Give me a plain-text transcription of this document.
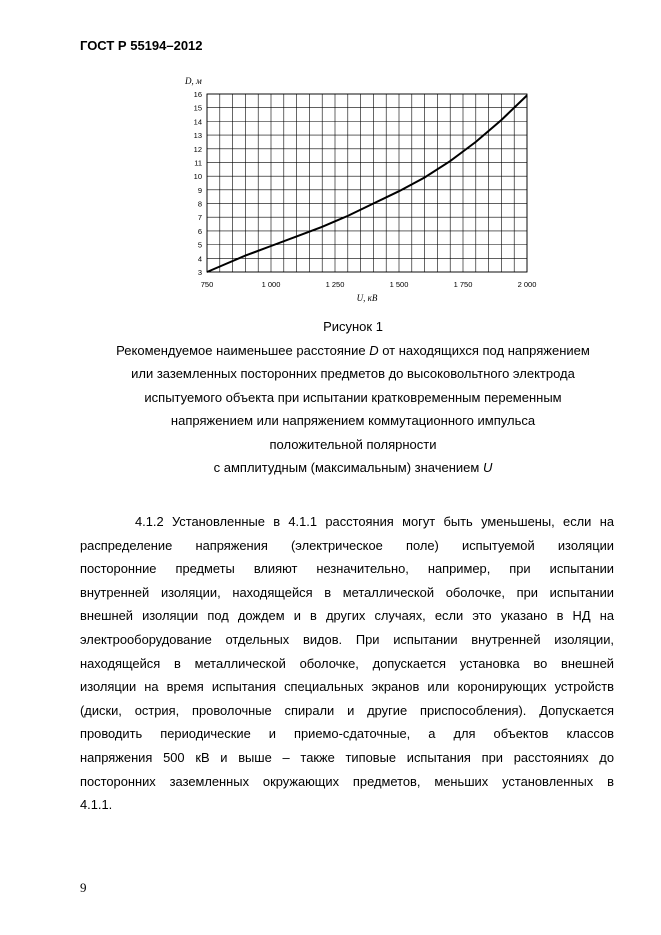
ГОСТ Р 55194–2012
3
4
5
6
7
8
9
10
11
12
13
14
15
16
750	1 000	1 250	1 500	1 750	2 000
D, м
U, кВ
Рисунок 1
Рекомендуемое наименьшее расстояние D от находящихся под напряжением
или заземленных посторонних предметов до высоковольтного электрода
испытуемого объекта при испытании кратковременным переменным
напряжением или напряжением коммутационного импульса
положительной полярности
с амплитудным (максимальным) значением U
4.1.2 Установленные в 4.1.1 расстояния могут быть уменьшены, если на
распределение напряжения (электрическое поле) испытуемой изоляции
посторонние предметы влияют незначительно, например, при испытании
внутренней изоляции, находящейся в металлической оболочке, при испытании
внешней изоляции под дождем и в других случаях, если это указано в НД на
электрооборудование отдельных видов. При испытании внутренней изоляции,
находящейся в металлической оболочке, допускается установка во внешней
изоляции на время испытания специальных экранов или коронирующих устройств
(диски, острия, проволочные спирали и другие приспособления). Допускается
проводить периодические и приемо-сдаточные, а для объектов классов
напряжения 500 кВ и выше – также типовые испытания при расстояниях до
посторонних заземленных окружающих предметов, меньших установленных в
4.1.1.
9
